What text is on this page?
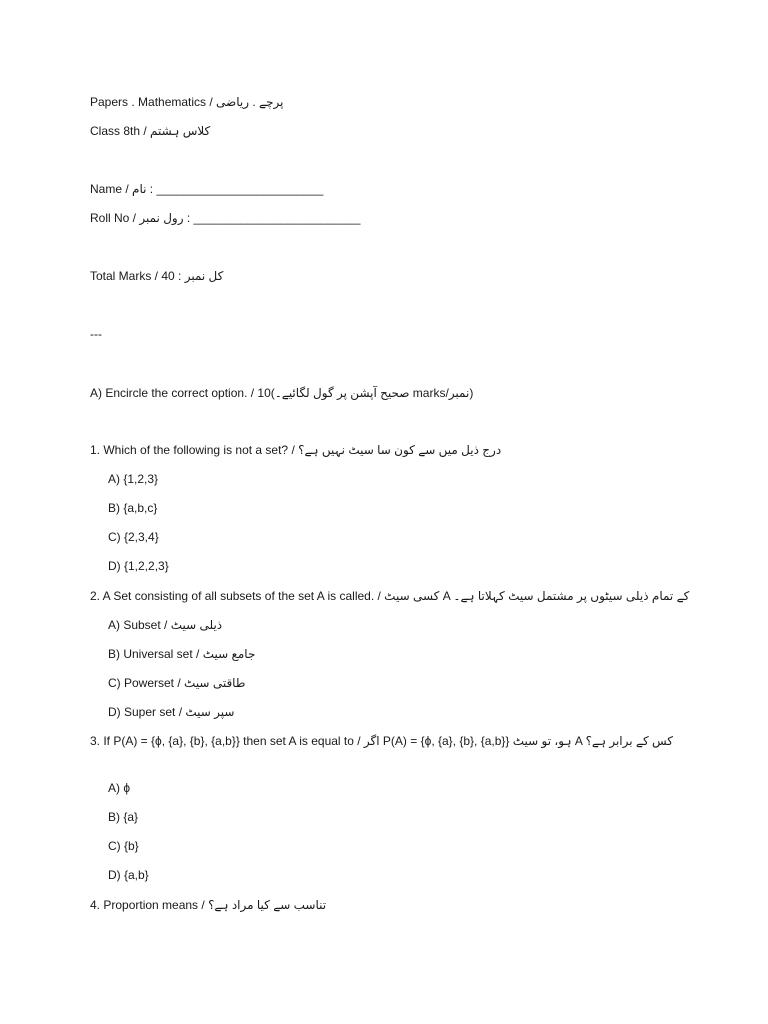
Papers . Mathematics / پرچے . ریاضی
Class 8th / کلاس ہشتم
Name / نام : _________________________
Roll No / رول نمبر : _________________________
Total Marks / 40 : کل نمبر
---
A) Encircle the correct option. / 10(صحیح آپشن پر گول لگائیے۔ marks/نمبر)
1. Which of the following is not a set? / درج ذیل میں سے کون سا سیٹ نہیں ہے؟
A) {1,2,3}
B) {a,b,c}
C) {2,3,4}
D) {1,2,2,3}
2. A Set consisting of all subsets of the set A is called. / کسی سیٹ A کے تمام ذیلی سیٹوں پر مشتمل سیٹ کہلاتا ہے۔
A) Subset / ذیلی سیٹ
B) Universal set / جامع سیٹ
C) Powerset / طاقتی سیٹ
D) Super set / سپر سیٹ
3. If P(A) = {ϕ, {a}, {b}, {a,b}} then set A is equal to / اگر P(A) = {ϕ, {a}, {b}, {a,b}} ہو، تو سیٹ A کس کے برابر ہے؟
A) ϕ
B) {a}
C) {b}
D) {a,b}
4. Proportion means / تناسب سے کیا مراد ہے؟
